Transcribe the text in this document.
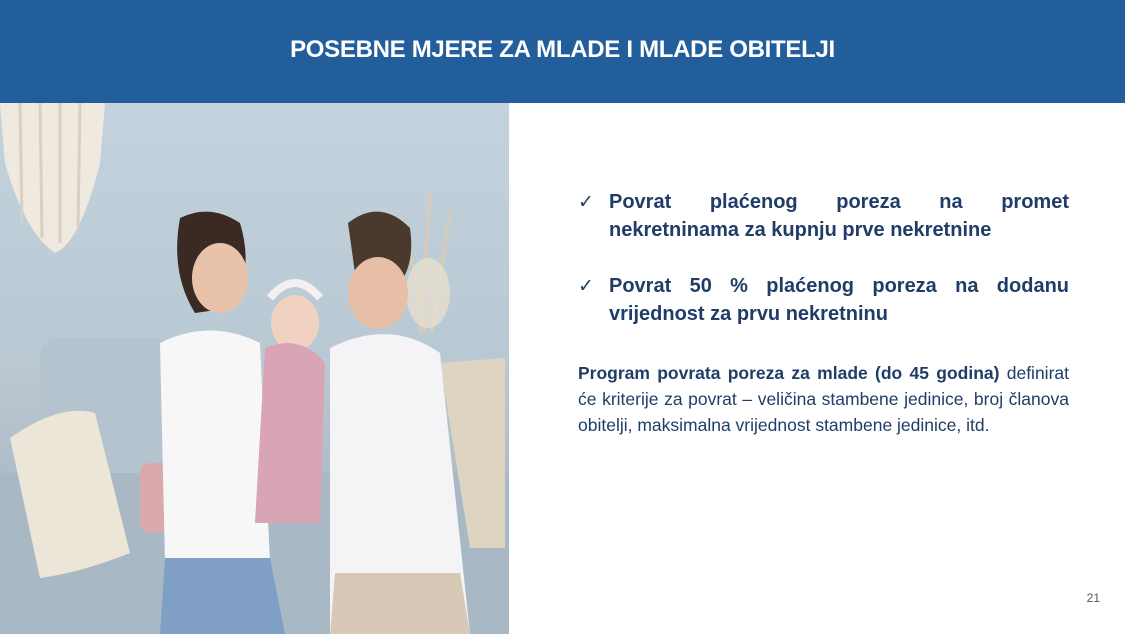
POSEBNE MJERE ZA MLADE I MLADE OBITELJI
✓ Povrat plaćenog poreza na promet nekretninama za kupnju prve nekretnine
✓ Povrat 50 % plaćenog poreza na dodanu vrijednost za prvu nekretninu

Program povrata poreza za mlade (do 45 godina) definirat će kriterije za povrat – veličina stambene jedinice, broj članova obitelji, maksimalna vrijednost stambene jedinice, itd.

21
